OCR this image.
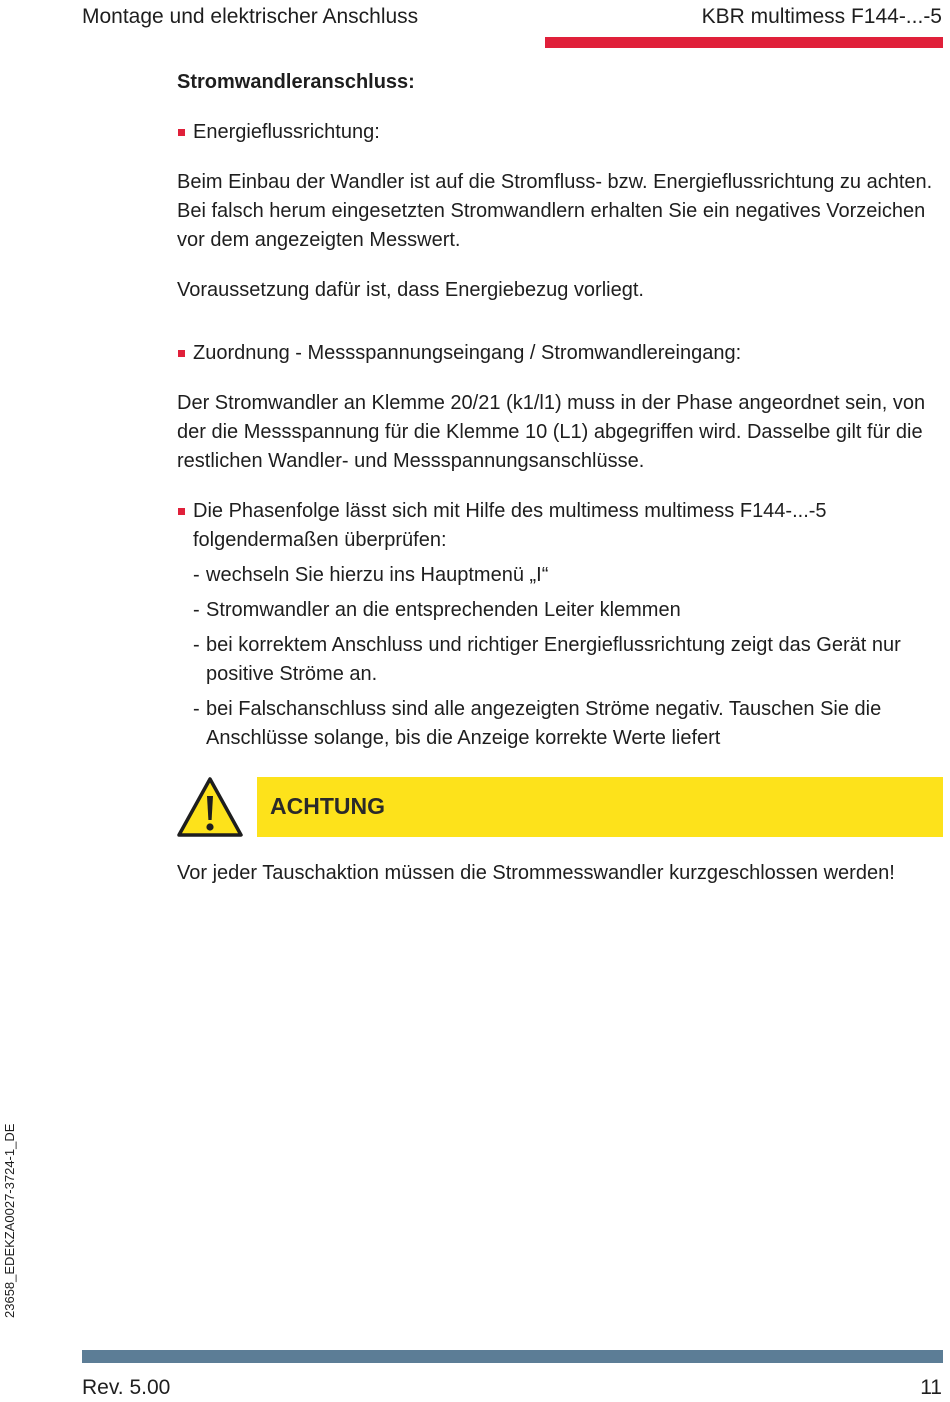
Montage und elektrischer Anschluss	KBR multimess F144-...-5

Stromwandleranschluss:

Energieflussrichtung:

Beim Einbau der Wandler ist auf die Stromfluss- bzw. Energieflussrichtung zu achten. Bei falsch herum eingesetzten Stromwandlern erhalten Sie ein negatives Vorzeichen vor dem angezeigten Messwert.

Voraussetzung dafür ist, dass Energiebezug vorliegt.

Zuordnung - Messspannungseingang / Stromwandlereingang:

Der Stromwandler an Klemme 20/21 (k1/l1) muss in der Phase angeordnet sein, von der die Messspannung für die Klemme 10 (L1) abgegriffen wird. Dasselbe gilt für die restlichen Wandler- und Messspannungsanschlüsse.

Die Phasenfolge lässt sich mit Hilfe des multimess multimess F144-...-5 folgendermaßen überprüfen:

- wechseln Sie hierzu ins Hauptmenü „I“

- Stromwandler an die entsprechenden Leiter klemmen

- bei korrektem Anschluss und richtiger Energieflussrichtung zeigt das Gerät nur positive Ströme an.

- bei Falschanschluss sind alle angezeigten Ströme negativ. Tauschen Sie die Anschlüsse solange, bis die Anzeige korrekte Werte liefert

ACHTUNG

Vor jeder Tauschaktion müssen die Strommesswandler kurzgeschlossen werden!

23658_EDEKZA0027-3724-1_DE
Rev. 5.00	11
